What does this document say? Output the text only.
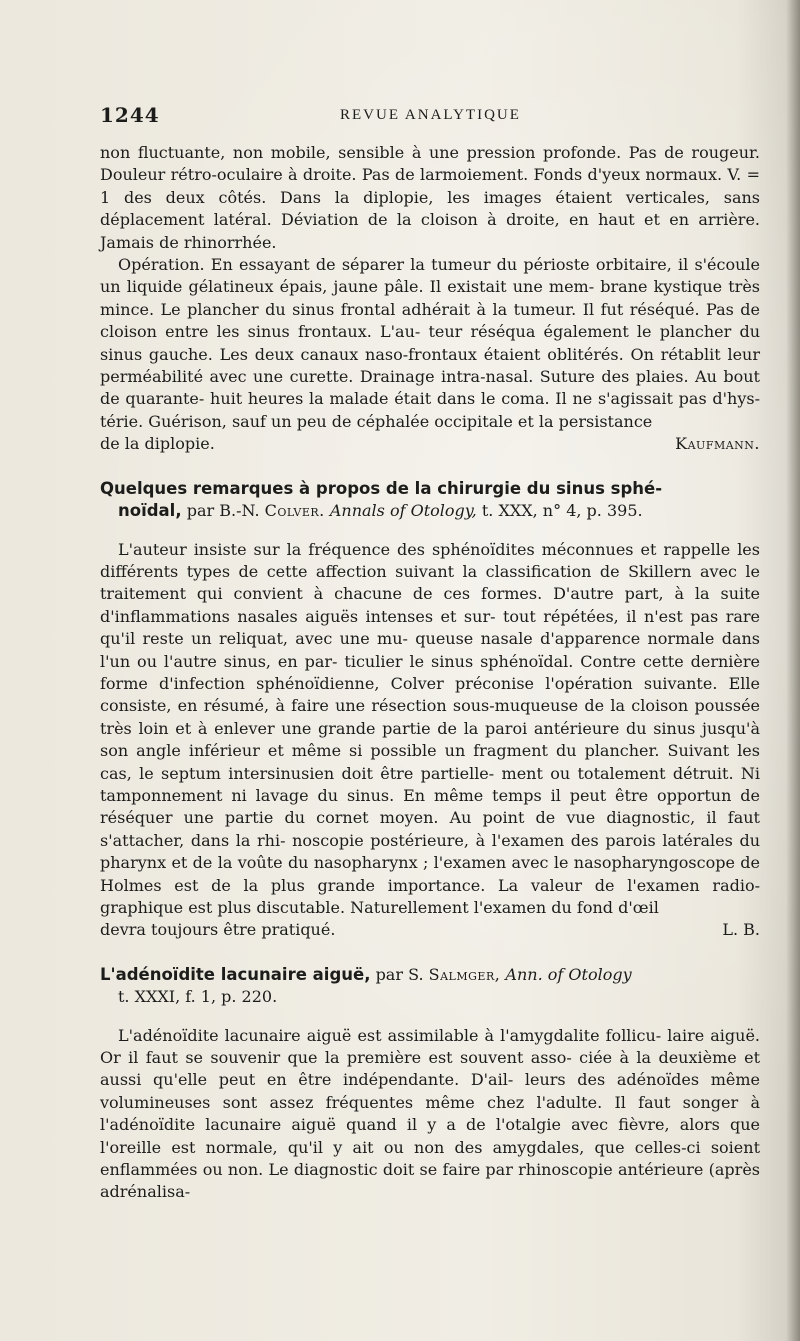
1244	REVUE ANALYTIQUE

non fluctuante, non mobile, sensible à une pression profonde. Pas de rougeur. Douleur rétro-oculaire à droite. Pas de larmoiement. Fonds d'yeux normaux. V. = 1 des deux côtés. Dans la diplopie, les images étaient verticales, sans déplacement latéral. Déviation de la cloison à droite, en haut et en arrière. Jamais de rhinorrhée.

Opération. En essayant de séparer la tumeur du périoste orbitaire, il s'écoule un liquide gélatineux épais, jaune pâle. Il existait une mem- brane kystique très mince. Le plancher du sinus frontal adhérait à la tumeur. Il fut réséqué. Pas de cloison entre les sinus frontaux. L'au- teur réséqua également le plancher du sinus gauche. Les deux canaux naso-frontaux étaient oblitérés. On rétablit leur perméabilité avec une curette. Drainage intra-nasal. Suture des plaies. Au bout de quarante- huit heures la malade était dans le coma. Il ne s'agissait pas d'hys- térie. Guérison, sauf un peu de céphalée occipitale et la persistance

de la diplopie.	Kaufmann.
Quelques remarques à propos de la chirurgie du sinus sphé-
noïdal, par B.-N. Colver. Annals of Otology, t. XXX, n° 4, p. 395.

L'auteur insiste sur la fréquence des sphénoïdites méconnues et rappelle les différents types de cette affection suivant la classification de Skillern avec le traitement qui convient à chacune de ces formes. D'autre part, à la suite d'inflammations nasales aiguës intenses et sur- tout répétées, il n'est pas rare qu'il reste un reliquat, avec une mu- queuse nasale d'apparence normale dans l'un ou l'autre sinus, en par- ticulier le sinus sphénoïdal. Contre cette dernière forme d'infection sphénoïdienne, Colver préconise l'opération suivante. Elle consiste, en résumé, à faire une résection sous-muqueuse de la cloison poussée très loin et à enlever une grande partie de la paroi antérieure du sinus jusqu'à son angle inférieur et même si possible un fragment du plancher. Suivant les cas, le septum intersinusien doit être partielle- ment ou totalement détruit. Ni tamponnement ni lavage du sinus. En même temps il peut être opportun de réséquer une partie du cornet moyen. Au point de vue diagnostic, il faut s'attacher, dans la rhi- noscopie postérieure, à l'examen des parois latérales du pharynx et de la voûte du nasopharynx ; l'examen avec le nasopharyngoscope de Holmes est de la plus grande importance. La valeur de l'examen radio- graphique est plus discutable. Naturellement l'examen du fond d'œil

devra toujours être pratiqué.	L. B.
L'adénoïdite lacunaire aiguë, par S. Salmger, Ann. of Otology
t. XXXI, f. 1, p. 220.

L'adénoïdite lacunaire aiguë est assimilable à l'amygdalite follicu- laire aiguë. Or il faut se souvenir que la première est souvent asso- ciée à la deuxième et aussi qu'elle peut en être indépendante. D'ail- leurs des adénoïdes même volumineuses sont assez fréquentes même chez l'adulte. Il faut songer à l'adénoïdite lacunaire aiguë quand il y a de l'otalgie avec fièvre, alors que l'oreille est normale, qu'il y ait ou non des amygdales, que celles-ci soient enflammées ou non. Le diagnostic doit se faire par rhinoscopie antérieure (après adrénalisa-
